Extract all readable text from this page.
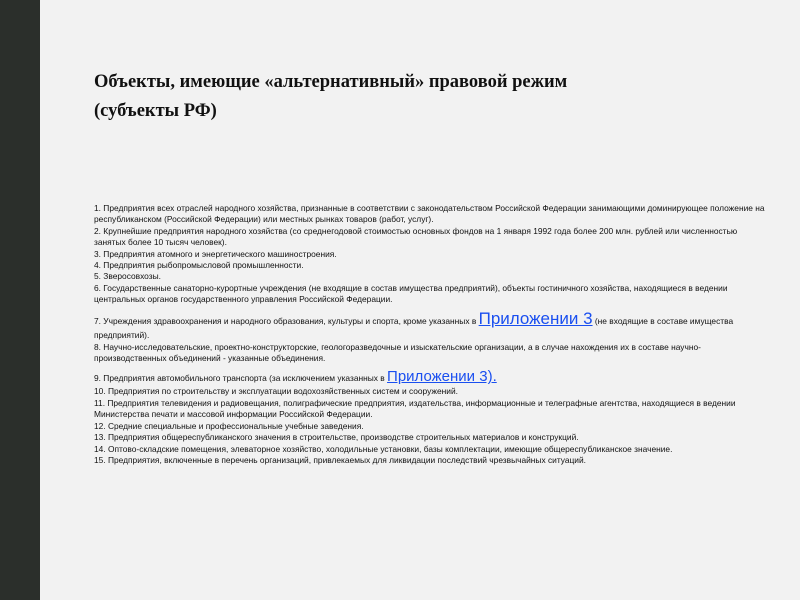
Объекты, имеющие «альтернативный» правовой режим
(субъекты РФ)

1. Предприятия всех отраслей народного хозяйства, признанные в соответствии с законодательством Российской Федерации занимающими доминирующее положение на республиканском (Российской Федерации) или местных рынках товаров (работ, услуг).

2. Крупнейшие предприятия народного хозяйства (со среднегодовой стоимостью основных фондов на 1 января 1992 года более 200 млн. рублей или численностью занятых более 10 тысяч человек).

3. Предприятия атомного и энергетического машиностроения.

4. Предприятия рыбопромысловой промышленности.

5. Зверосовхозы.

6. Государственные санаторно-курортные учреждения (не входящие в состав имущества предприятий), объекты гостиничного хозяйства, находящиеся в ведении центральных органов государственного управления Российской Федерации.

7. Учреждения здравоохранения и народного образования, культуры и спорта, кроме указанных в Приложении 3 (не входящие в составе имущества предприятий).

8. Научно-исследовательские, проектно-конструкторские, геологоразведочные и изыскательские организации, а в случае нахождения их в составе научно-производственных объединений - указанные объединения.

9. Предприятия автомобильного транспорта (за исключением указанных в Приложении 3).

10. Предприятия по строительству и эксплуатации водохозяйственных систем и сооружений.

11. Предприятия телевидения и радиовещания, полиграфические предприятия, издательства, информационные и телеграфные агентства, находящиеся в ведении Министерства печати и массовой информации Российской Федерации.

12. Средние специальные и профессиональные учебные заведения.

13. Предприятия общереспубликанского значения в строительстве, производстве строительных материалов и конструкций.

14. Оптово-складские помещения, элеваторное хозяйство, холодильные установки, базы комплектации, имеющие общереспубликанское значение.

15. Предприятия, включенные в перечень организаций, привлекаемых для ликвидации последствий чрезвычайных ситуаций.
